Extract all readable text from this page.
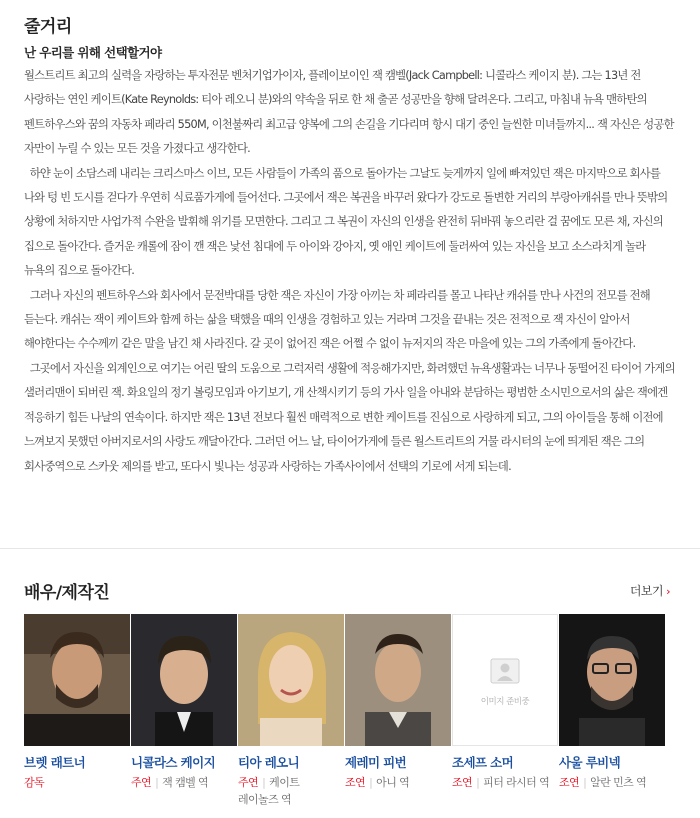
줄거리
난 우리를 위해 선택할거야

월스트리트 최고의 실력을 자랑하는 투자전문 벤처기업가이자, 플레이보이인 잭 캠벨(Jack Campbell: 니콜라스 케이지 분). 그는 13년 전 사랑하는 연인 케이트(Kate Reynolds: 티아 레오니 분)와의 약속을 뒤로 한 채 출곧 성공만을 향해 달려온다. 그리고, 마침내 뉴욕 맨하탄의 펜트하우스와 꿈의 자동차 페라리 550M, 이천불짜리 최고급 양복에 그의 손길을 기다리며 항시 대기 중인 늘씬한 미녀들까지... 잭 자신은 성공한 자만이 누릴 수 있는 모든 것을 가졌다고 생각한다.

하얀 눈이 소담스레 내리는 크리스마스 이브, 모든 사람들이 가족의 품으로 돌아가는 그날도 늦게까지 일에 빠져있던 잭은 마지막으로 회사를 나와 텅 빈 도시를 걷다가 우연히 식료품가게에 들어선다. 그곳에서 잭은 복권을 바꾸러 왔다가 강도로 돌변한 거리의 부랑아캐쉬를 만나 뜻밖의 상황에 처하지만 사업가적 수완을 발휘해 위기를 모면한다. 그리고 그 복권이 자신의 인생을 완전히 뒤바꿔 놓으리란 걸 꿈에도 모른 채, 자신의 집으로 돌아간다. 즐거운 캐롤에 잠이 깬 잭은 낯선 침대에 두 아이와 강아지, 옛 애인 케이트에 둘러싸여 있는 자신을 보고 소스라치게 놀라 뉴욕의 집으로 돌아간다.

그러나 자신의 펜트하우스와 회사에서 문전박대를 당한 잭은 자신이 가장 아끼는 차 페라리를 몰고 나타난 캐쉬를 만나 사건의 전모를 전해 듣는다. 캐쉬는 잭이 케이트와 함께 하는 삶을 택했을 때의 인생을 경험하고 있는 거라며 그것을 끝내는 것은 전적으로 잭 자신이 알아서 해야한다는 수수께끼 같은 말을 남긴 채 사라진다. 갈 곳이 없어진 잭은 어쩔 수 없이 뉴저지의 작은 마을에 있는 그의 가족에게 돌아간다.

그곳에서 자신을 외계인으로 여기는 어린 딸의 도움으로 그럭저럭 생활에 적응해가지만, 화려했던 뉴욕생활과는 너무나 동떨어진 타이어 가게의 샐러리맨이 되버린 잭. 화요일의 정기 볼링모임과 아기보기, 개 산책시키기 등의 가사 일을 아내와 분담하는 평범한 소시민으로서의 삶은 잭에겐 적응하기 힘든 나날의 연속이다. 하지만 잭은 13년 전보다 훨씬 매력적으로 변한 케이트를 진심으로 사랑하게 되고, 그의 아이들을 통해 이전에 느껴보지 못했던 아버지로서의 사랑도 깨달아간다. 그러던 어느 날, 타이어가게에 들른 월스트리트의 거물 라시터의 눈에 띄게된 잭은 그의 회사중역으로 스카웃 제의를 받고, 또다시 빛나는 성공과 사랑하는 가족사이에서 선택의 기로에 서게 되는데.

배우/제작진	더보기 ›
브렛 래트너
감독
니콜라스 케이지
주연 | 잭 캠벨 역
티아 레오니
주연 | 케이트 레이놀즈 역
제레미 피번
조연 | 아니 역
이미지 준비중
조세프 소머
조연 | 피터 라시터 역
사울 루비넥
조연 | 알란 민츠 역
